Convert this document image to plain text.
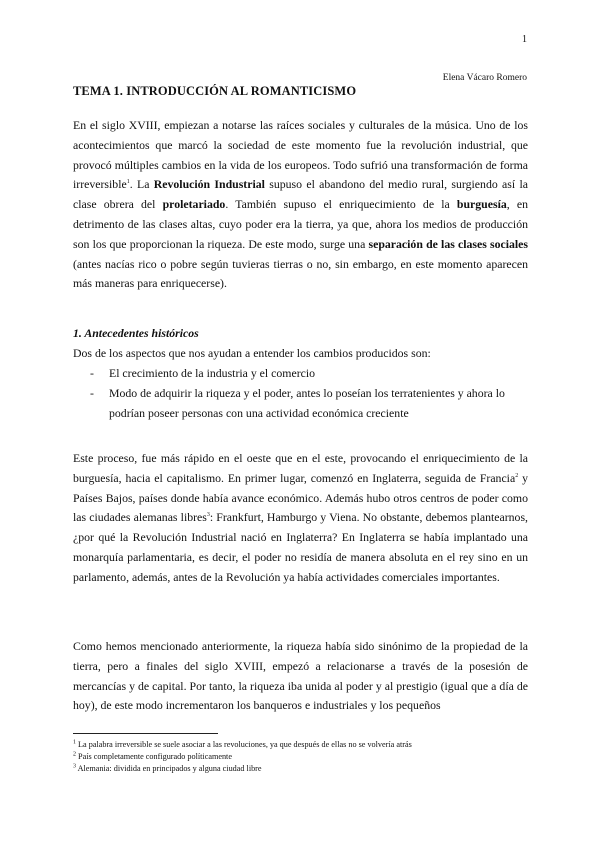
1
Elena Vácaro Romero
TEMA 1. INTRODUCCIÓN AL ROMANTICISMO

En el siglo XVIII, empiezan a notarse las raíces sociales y culturales de la música. Uno de los acontecimientos que marcó la sociedad de este momento fue la revolución industrial, que provocó múltiples cambios en la vida de los europeos. Todo sufrió una transformación de forma irreversible$^1$. La Revolución Industrial supuso el abandono del medio rural, surgiendo así la clase obrera del proletariado. También supuso el enriquecimiento de la burguesía, en detrimento de las clases altas, cuyo poder era la tierra, ya que, ahora los medios de producción son los que proporcionan la riqueza. De este modo, surge una separación de las clases sociales (antes nacías rico o pobre según tuvieras tierras o no, sin embargo, en este momento aparecen más maneras para enriquecerse).

1. Antecedentes históricos

Dos de los aspectos que nos ayudan a entender los cambios producidos son:

- El crecimiento de la industria y el comercio
- Modo de adquirir la riqueza y el poder, antes lo poseían los terratenientes y ahora lo podrían poseer personas con una actividad económica creciente

Este proceso, fue más rápido en el oeste que en el este, provocando el enriquecimiento de la burguesía, hacia el capitalismo. En primer lugar, comenzó en Inglaterra, seguida de Francia$^2$ y Países Bajos, países donde había avance económico. Además hubo otros centros de poder como las ciudades alemanas libres$^3$: Frankfurt, Hamburgo y Viena. No obstante, debemos plantearnos, ¿por qué la Revolución Industrial nació en Inglaterra? En Inglaterra se había implantado una monarquía parlamentaria, es decir, el poder no residía de manera absoluta en el rey sino en un parlamento, además, antes de la Revolución ya había actividades comerciales importantes.

Como hemos mencionado anteriormente, la riqueza había sido sinónimo de la propiedad de la tierra, pero a finales del siglo XVIII, empezó a relacionarse a través de la posesión de mercancías y de capital. Por tanto, la riqueza iba unida al poder y al prestigio (igual que a día de hoy), de este modo incrementaron los banqueros e industriales y los pequeños

$^1$ La palabra irreversible se suele asociar a las revoluciones, ya que después de ellas no se volvería atrás

$^2$ País completamente configurado políticamente

$^3$ Alemania: dividida en principados y alguna ciudad libre
